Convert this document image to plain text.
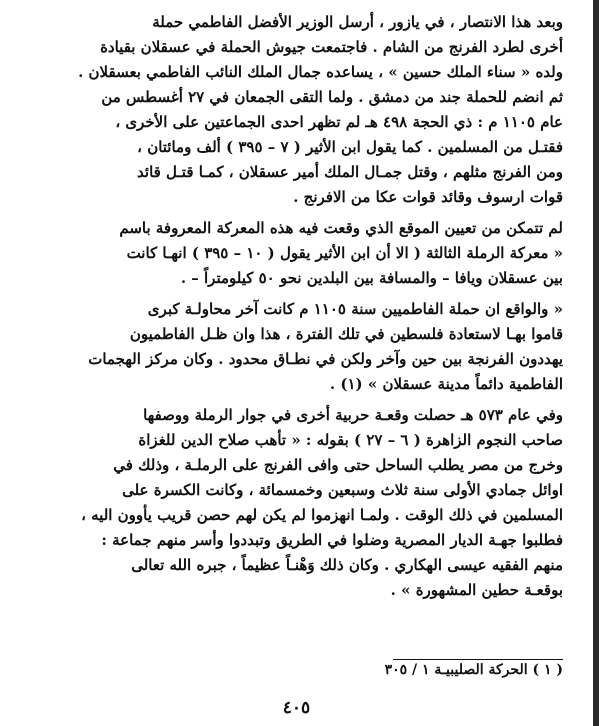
وبعد هذا الانتصار ، في يازور ، أرسل الوزير الأفضل الفاطمي حملة
أخرى لطرد الفرنج من الشام . فاجتمعت جيوش الحملة في عسقلان بقيادة
ولده « سناء الملك حسين » ، يساعده جمال الملك النائب الفاطمي بعسقلان .
ثم انضم للحملة جند من دمشق . ولما التقى الجمعان في ٢٧ أغسطس من
عام ١١٠٥ م : ذي الحجة ٤٩٨ هـ لم تظهر احدى الجماعتين على الأخرى ،
فقتـل من المسلمين . كما يقول ابن الأثير ( ٧ – ٣٩٥ ) ألف ومائتان ،
ومن الفرنج مثلهم ، وقتل جمـال الملك أمير عسقلان ، كمـا قتـل قائد
قوات ارسوف وقائد قوات عكا من الافرنج .
لم تتمكن من تعيين الموقع الذي وقعت فيه هذه المعركة المعروفة باسم
« معركة الرملة الثالثة ( الا أن ابن الأثير يقول ( ١٠ – ٣٩٥ ) انهـا كانت
بين عسقلان ويافا – والمسافة بين البلدين نحو ٥٠ كيلومتراً – .
« والواقع ان حملة الفاطميين سنة ١١٠٥ م كانت آخر محاولـة كبرى
قاموا بهـا لاستعادة فلسطين في تلك الفترة ، هذا وان ظـل الفاطميون
يهددون الفرنجة بين حين وآخر ولكن في نطـاق محدود . وكان مركز الهجمات
الفاطمية دائماً مدينة عسقلان » (١) .
وفي عام ٥٧٣ هـ حصلت وقعـة حربية أخرى في جوار الرملة ووصفها
صاحب النجوم الزاهرة ( ٦ – ٢٧ ) بقوله : « تأهب صلاح الدين للغزاة
وخرج من مصر يطلب الساحل حتى وافى الفرنج على الرملـة ، وذلك في
اوائل جمادي الأولى سنة ثلاث وسبعين وخمسمائة ، وكانت الكسرة على
المسلمين في ذلك الوقت . ولمـا انهزموا لم يكن لهم حصن قريب يأوون اليه ،
فطلبوا جهـة الديار المصرية وضلوا في الطريق وتبددوا وأسر منهم جماعة :
منهم الفقيه عيسى الهكاري . وكان ذلك وَهْنـاً عظيماً ، جبره الله تعالى
بوقعـة حطين المشهورة » .
( ١ ) الحركة الصليبيـة ١ / ٣٠٥
٤٠٥
